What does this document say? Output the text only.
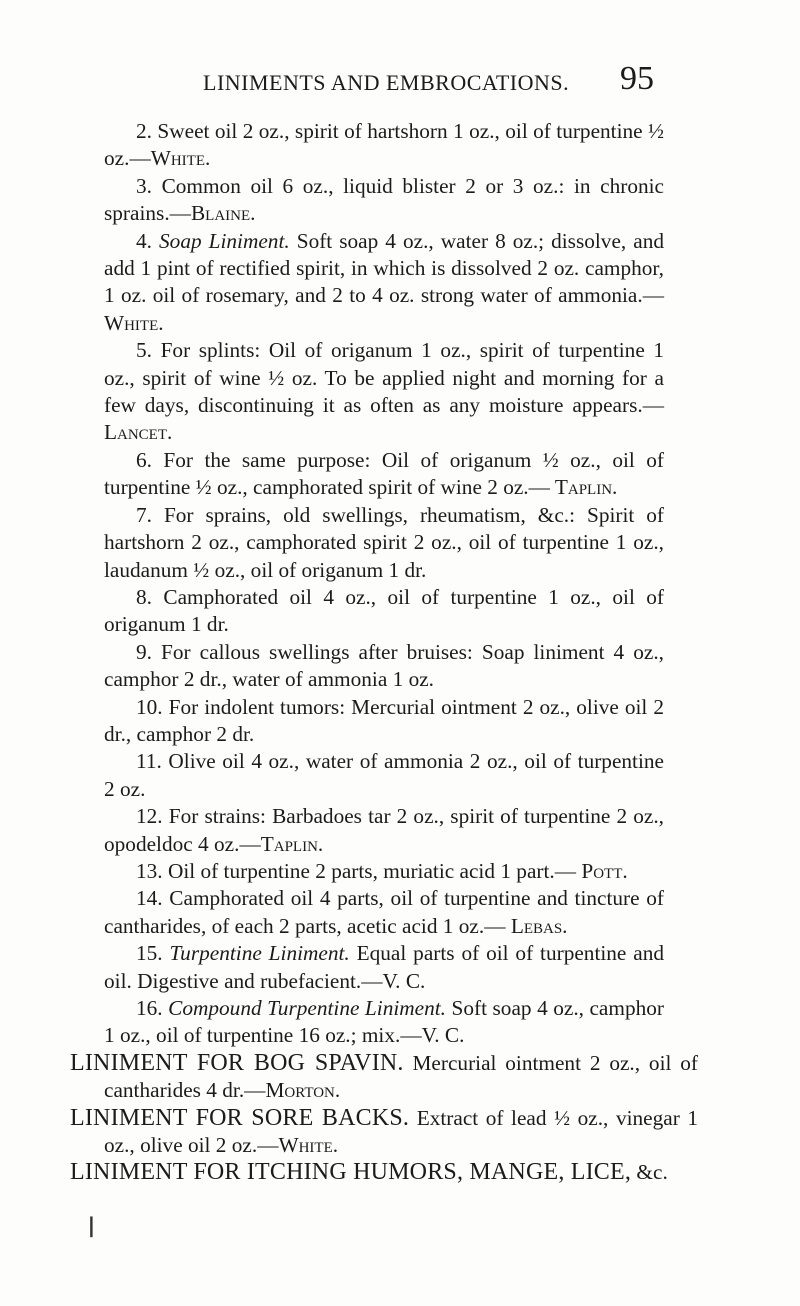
LINIMENTS AND EMBROCATIONS. 95

2. Sweet oil 2 oz., spirit of hartshorn 1 oz., oil of turpentine ½ oz.—White.

3. Common oil 6 oz., liquid blister 2 or 3 oz.: in chronic sprains.—Blaine.

4. Soap Liniment. Soft soap 4 oz., water 8 oz.; dissolve, and add 1 pint of rectified spirit, in which is dissolved 2 oz. camphor, 1 oz. oil of rosemary, and 2 to 4 oz. strong water of ammonia.—White.

5. For splints: Oil of origanum 1 oz., spirit of turpentine 1 oz., spirit of wine ½ oz. To be applied night and morning for a few days, discontinuing it as often as any moisture appears.—Lancet.

6. For the same purpose: Oil of origanum ½ oz., oil of turpentine ½ oz., camphorated spirit of wine 2 oz.— Taplin.

7. For sprains, old swellings, rheumatism, &c.: Spirit of hartshorn 2 oz., camphorated spirit 2 oz., oil of turpentine 1 oz., laudanum ½ oz., oil of origanum 1 dr.

8. Camphorated oil 4 oz., oil of turpentine 1 oz., oil of origanum 1 dr.

9. For callous swellings after bruises: Soap liniment 4 oz., camphor 2 dr., water of ammonia 1 oz.

10. For indolent tumors: Mercurial ointment 2 oz., olive oil 2 dr., camphor 2 dr.

11. Olive oil 4 oz., water of ammonia 2 oz., oil of turpentine 2 oz.

12. For strains: Barbadoes tar 2 oz., spirit of turpentine 2 oz., opodeldoc 4 oz.—Taplin.

13. Oil of turpentine 2 parts, muriatic acid 1 part.— Pott.

14. Camphorated oil 4 parts, oil of turpentine and tincture of cantharides, of each 2 parts, acetic acid 1 oz.— Lebas.

15. Turpentine Liniment. Equal parts of oil of turpentine and oil. Digestive and rubefacient.—V. C.

16. Compound Turpentine Liniment. Soft soap 4 oz., camphor 1 oz., oil of turpentine 16 oz.; mix.—V. C.

LINIMENT FOR BOG SPAVIN. Mercurial ointment 2 oz., oil of cantharides 4 dr.—Morton.

LINIMENT FOR SORE BACKS. Extract of lead ½ oz., vinegar 1 oz., olive oil 2 oz.—White.

LINIMENT FOR ITCHING HUMORS, MANGE, LICE, &c.

❘
